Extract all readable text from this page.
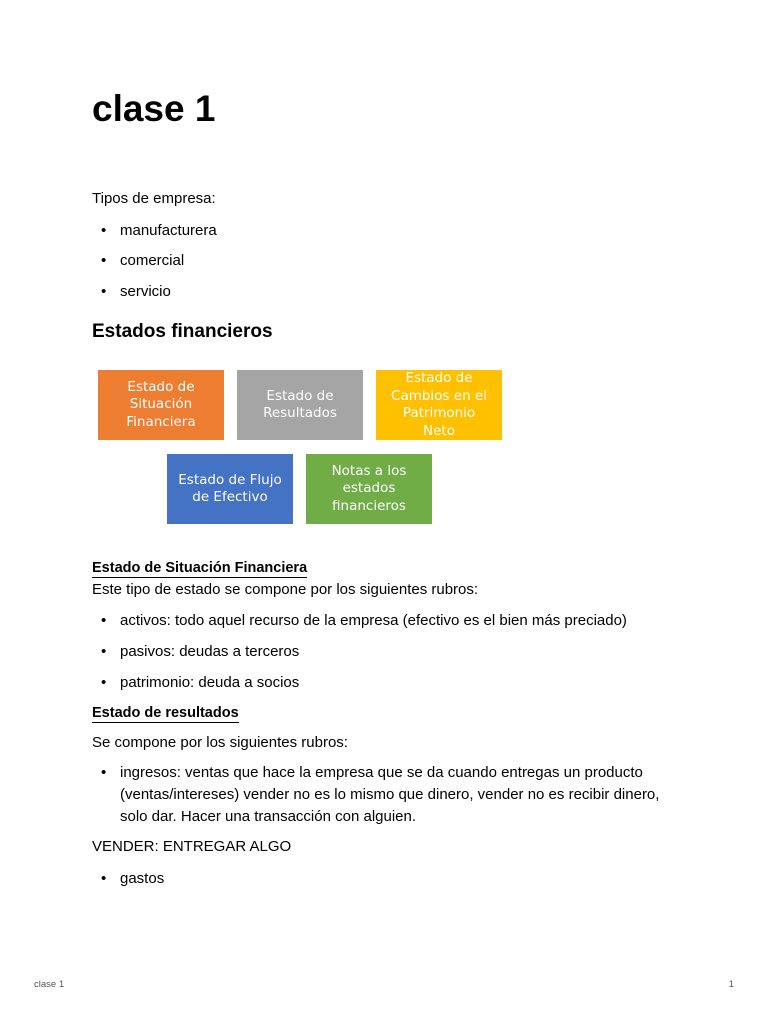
clase 1

Tipos de empresa:

• manufacturera
• comercial
• servicio
Estados financieros
Estado de
Situación
Financiera
Estado de
Resultados
Estado de
Cambios en el
Patrimonio
Neto
Estado de Flujo
de Efectivo
Notas a los
estados
financieros
Estado de Situación Financiera

Este tipo de estado se compone por los siguientes rubros:

• activos: todo aquel recurso de la empresa (efectivo es el bien más preciado)
• pasivos: deudas a terceros
• patrimonio: deuda a socios
Estado de resultados

Se compone por los siguientes rubros:

• ingresos: ventas que hace la empresa que se da cuando entregas un producto (ventas/intereses) vender no es lo mismo que dinero, vender no es recibir dinero, solo dar. Hacer una transacción con alguien.

VENDER: ENTREGAR ALGO

• gastos
clase 1	1
